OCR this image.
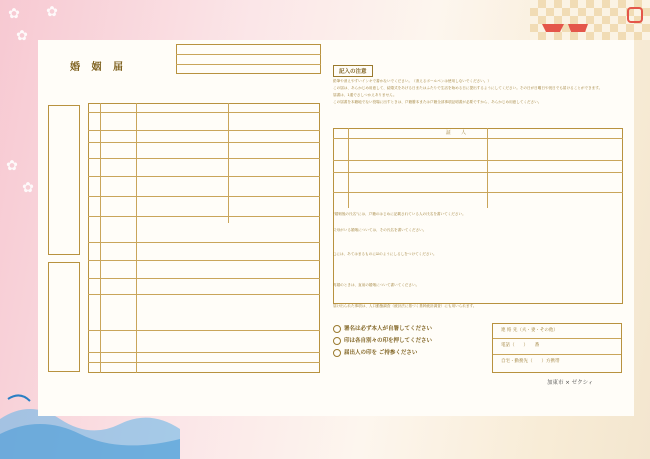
✿
✿
✿
✿
✿
婚 姻 届	記入の注意

鉛筆や消えやすいインキで書かないでください。（消えるボールペンは使用しないでください。）

この届は、あらかじめ用意して、結婚式をあげる日またはふたりで生活を始める日に提出するようにしてください。その日が日曜日や祝日でも届けることができます。

届書は、1通でさしつかえありません。

この届書を本籍地でない役場に出すときは、戸籍謄本または戸籍全部事項証明書が必要ですから、あらかじめ用意してください。

証　　人
"婚姻後の氏名"には、戸籍のはじめに記載されている人の氏名を書いてください。
父母がいる婚姻については、その氏名を書いてください。
□には、あてはまるものに☑のようにしるしをつけてください。
再婚のときは、直前の婚姻について書いてください。
届け出られた事項は、人口動態調査（統計法に基づく基幹統計調査）にも用いられます。
署名は必ず本人が自署してください
印は各自別々の印を押してください
届出人の印を ご持参ください
連 絡 先（夫・妻・その他）
電話（　　）　　番
自宅・勤務先（　　）方携帯
加東市 × ゼクシィ
